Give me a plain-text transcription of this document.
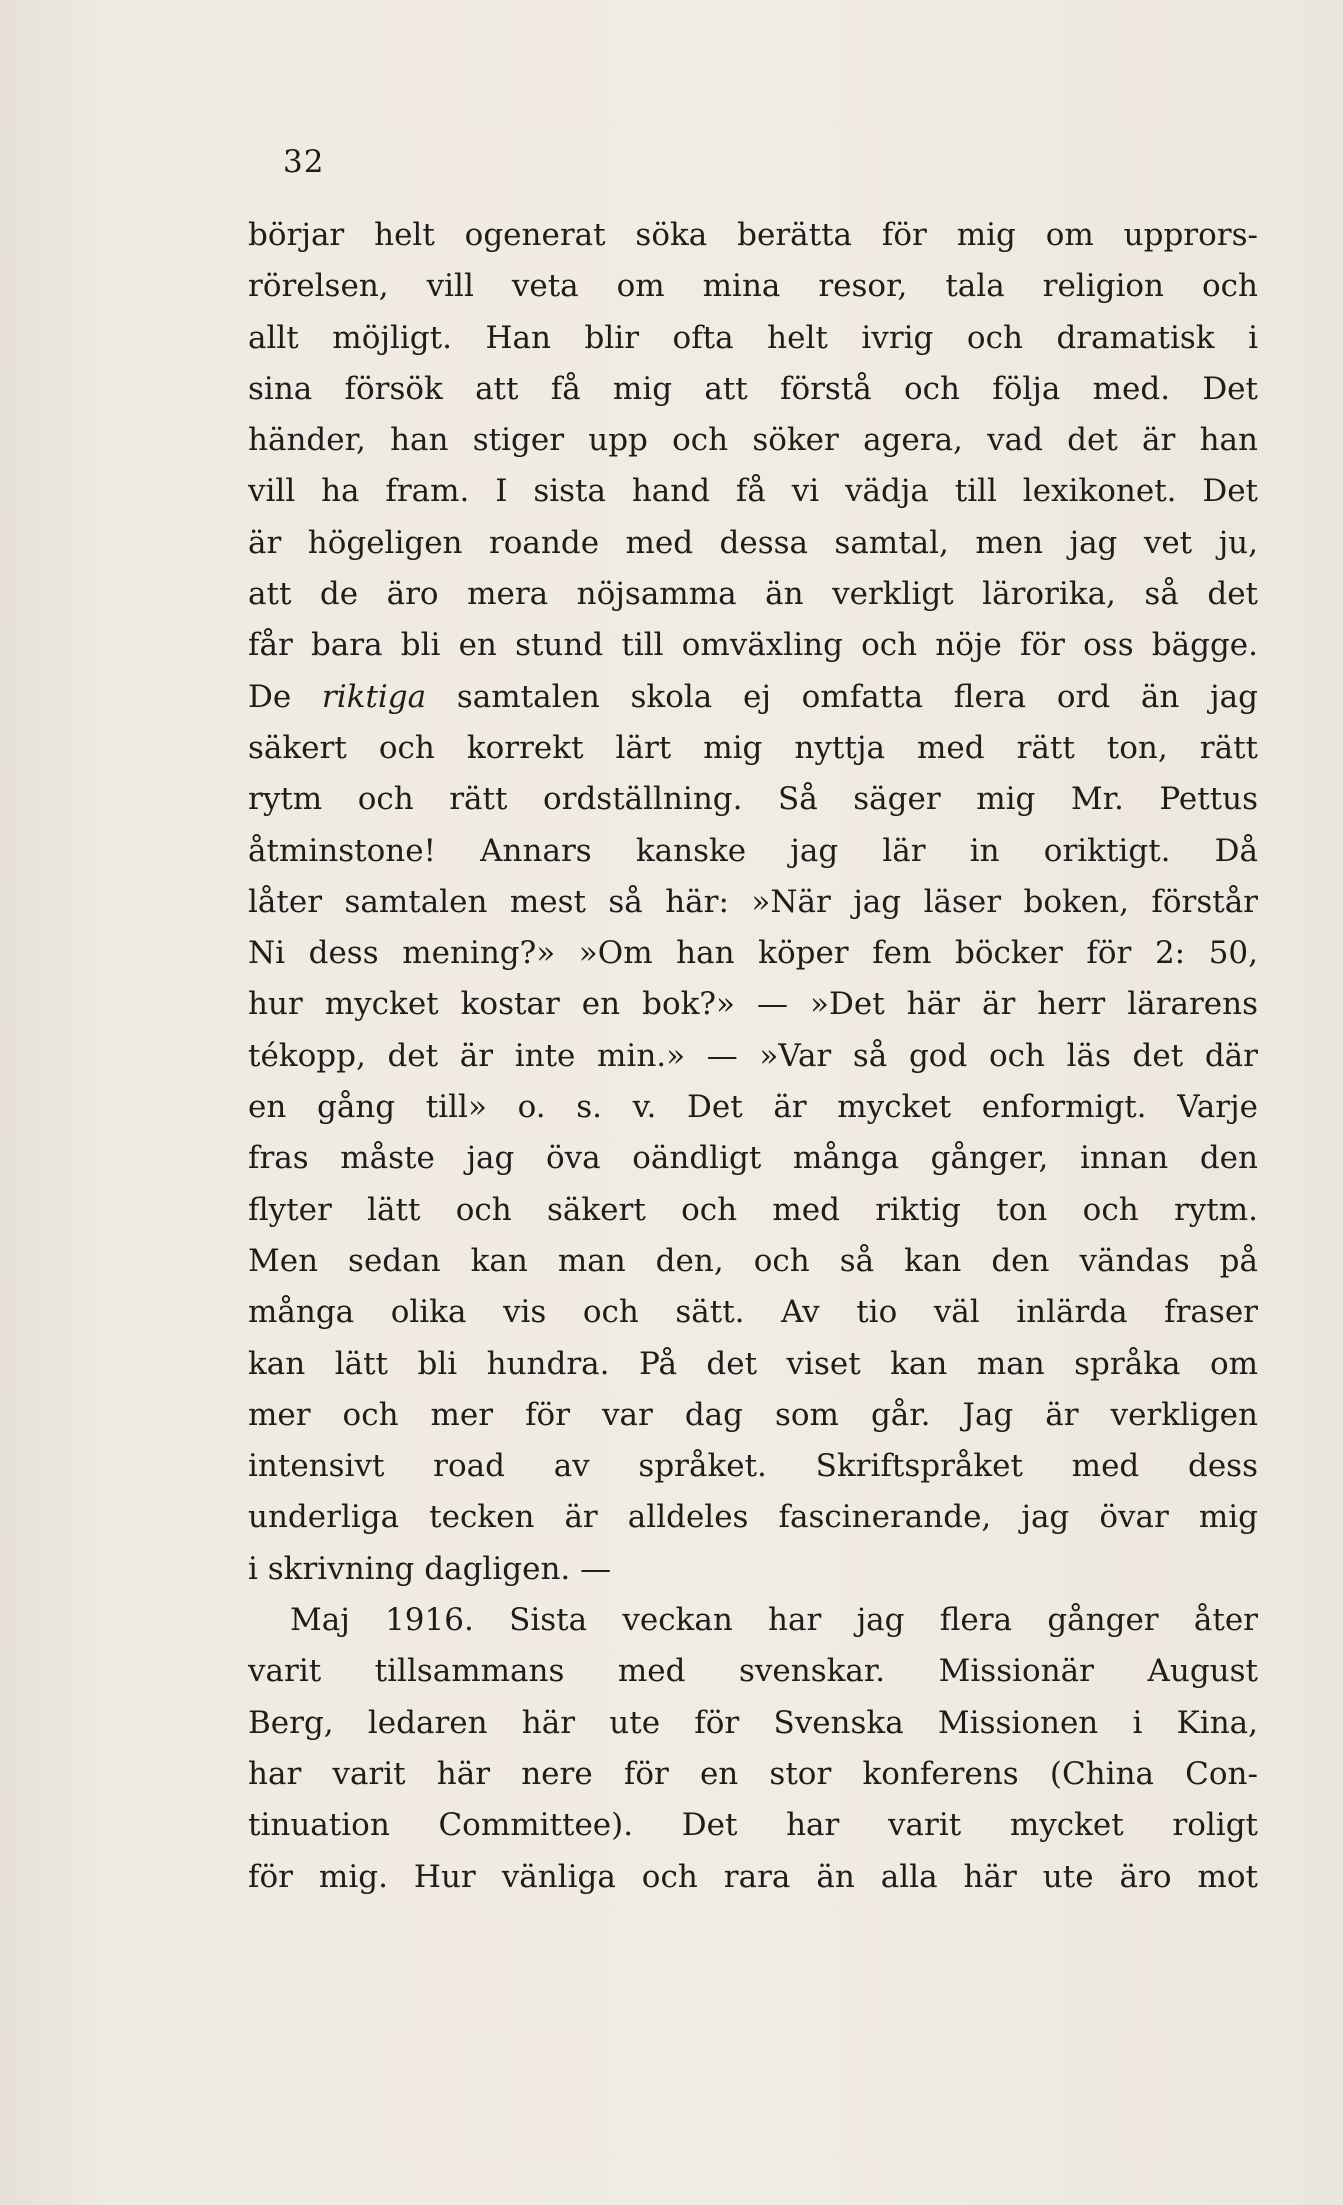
32
börjar helt ogenerat söka berätta för mig om upprors-
rörelsen, vill veta om mina resor, tala religion och
allt möjligt. Han blir ofta helt ivrig och dramatisk i
sina försök att få mig att förstå och följa med. Det
händer, han stiger upp och söker agera, vad det är han
vill ha fram. I sista hand få vi vädja till lexikonet. Det
är högeligen roande med dessa samtal, men jag vet ju,
att de äro mera nöjsamma än verkligt lärorika, så det
får bara bli en stund till omväxling och nöje för oss bägge.
De riktiga samtalen skola ej omfatta flera ord än jag
säkert och korrekt lärt mig nyttja med rätt ton, rätt
rytm och rätt ordställning. Så säger mig Mr. Pettus
åtminstone! Annars kanske jag lär in oriktigt. Då
låter samtalen mest så här: »När jag läser boken, förstår
Ni dess mening?» »Om han köper fem böcker för 2: 50,
hur mycket kostar en bok?» — »Det här är herr lärarens
tékopp, det är inte min.» — »Var så god och läs det där
en gång till» o. s. v. Det är mycket enformigt. Varje
fras måste jag öva oändligt många gånger, innan den
flyter lätt och säkert och med riktig ton och rytm.
Men sedan kan man den, och så kan den vändas på
många olika vis och sätt. Av tio väl inlärda fraser
kan lätt bli hundra. På det viset kan man språka om
mer och mer för var dag som går. Jag är verkligen
intensivt road av språket. Skriftspråket med dess
underliga tecken är alldeles fascinerande, jag övar mig
i skrivning dagligen. —
Maj 1916. Sista veckan har jag flera gånger åter
varit tillsammans med svenskar. Missionär August
Berg, ledaren här ute för Svenska Missionen i Kina,
har varit här nere för en stor konferens (China Con-
tinuation Committee). Det har varit mycket roligt
för mig. Hur vänliga och rara än alla här ute äro mot
